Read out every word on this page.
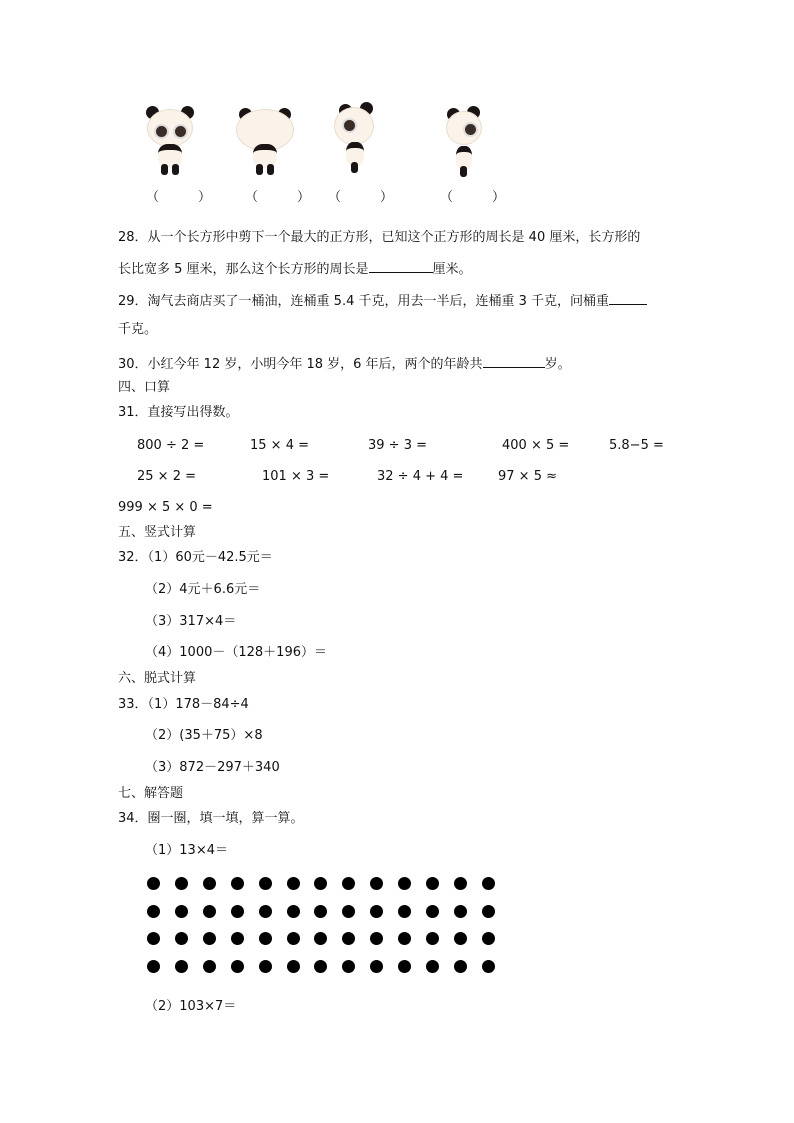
（　　　）	（　　　） （　　　）	（　　　）
28．从一个长方形中剪下一个最大的正方形，已知这个正方形的周长是 40 厘米，长方形的
长比宽多 5 厘米，那么这个长方形的周长是	厘米。
29．淘气去商店买了一桶油，连桶重 5.4 千克，用去一半后，连桶重 3 千克，问桶重
千克。
30．小红今年 12 岁，小明今年 18 岁，6 年后，两个的年龄共	岁。
四、口算
31．直接写出得数。
800 ÷ 2 =	15 × 4 =	39 ÷ 3 =	400 × 5 =	5.8−5 =
25 × 2 =	101 × 3 =	32 ÷ 4 + 4 =	97 × 5 ≈
999 × 5 × 0 =
五、竖式计算
32．（1）60元－42.5元＝
（2）4元＋6.6元＝
（3）317×4＝
（4）1000－（128＋196）＝
六、脱式计算
33．（1）178－84÷4
（2）(35＋75）×8
（3）872－297＋340
七、解答题
34．圈一圈，填一填，算一算。
（1）13×4＝
（2）103×7＝
